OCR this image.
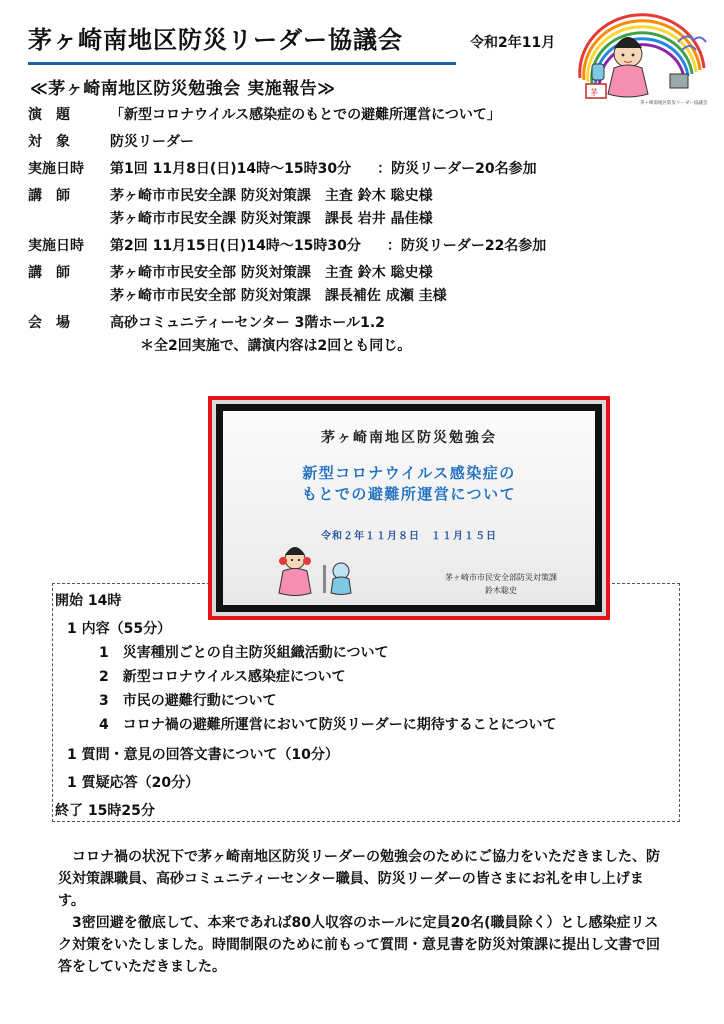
茅ヶ崎南地区防災リーダー協議会	令和2年11月
茅
茅ヶ崎南地区防災リーダー協議会
≪茅ヶ崎南地区防災勉強会 実施報告≫
演　題	「新型コロナウイルス感染症のもとでの避難所運営について」
対　象	防災リーダー
実施日時	第1回 11月8日(日)14時～15時30分 ：防災リーダー20名参加
講　師	茅ヶ崎市市民安全課 防災対策課　主査 鈴木 聡史様
茅ヶ崎市市民安全課 防災対策課　課長 岩井 晶佳様
実施日時	第2回 11月15日(日)14時～15時30分 ：防災リーダー22名参加
講　師	茅ヶ崎市市民安全部 防災対策課　主査 鈴木 聡史様
茅ヶ崎市市民安全部 防災対策課　課長補佐 成瀬 圭様
会　場	高砂コミュニティーセンター 3階ホール1.2
＊全2回実施で、講演内容は2回とも同じ。
開始 14時
1 内容（55分）
1　災害種別ごとの自主防災組織活動について
2　新型コロナウイルス感染症について
3　市民の避難行動について
4　コロナ禍の避難所運営において防災リーダーに期待することについて
1 質問・意見の回答文書について（10分）
1 質疑応答（20分）
終了 15時25分
茅ヶ崎南地区防災勉強会
新型コロナウイルス感染症の
もとでの避難所運営について
令和２年１１月８日　１１月１５日
茅ヶ崎市市民安全部防災対策課
鈴木聡史

コロナ禍の状況下で茅ヶ崎南地区防災リーダーの勉強会のためにご協力をいただきました、防災対策課職員、高砂コミュニティーセンター職員、防災リーダーの皆さまにお礼を申し上げます。

3密回避を徹底して、本来であれば80人収容のホールに定員20名(職員除く）とし感染症リスク対策をいたしました。時間制限のために前もって質問・意見書を防災対策課に提出し文書で回答をしていただきました。
